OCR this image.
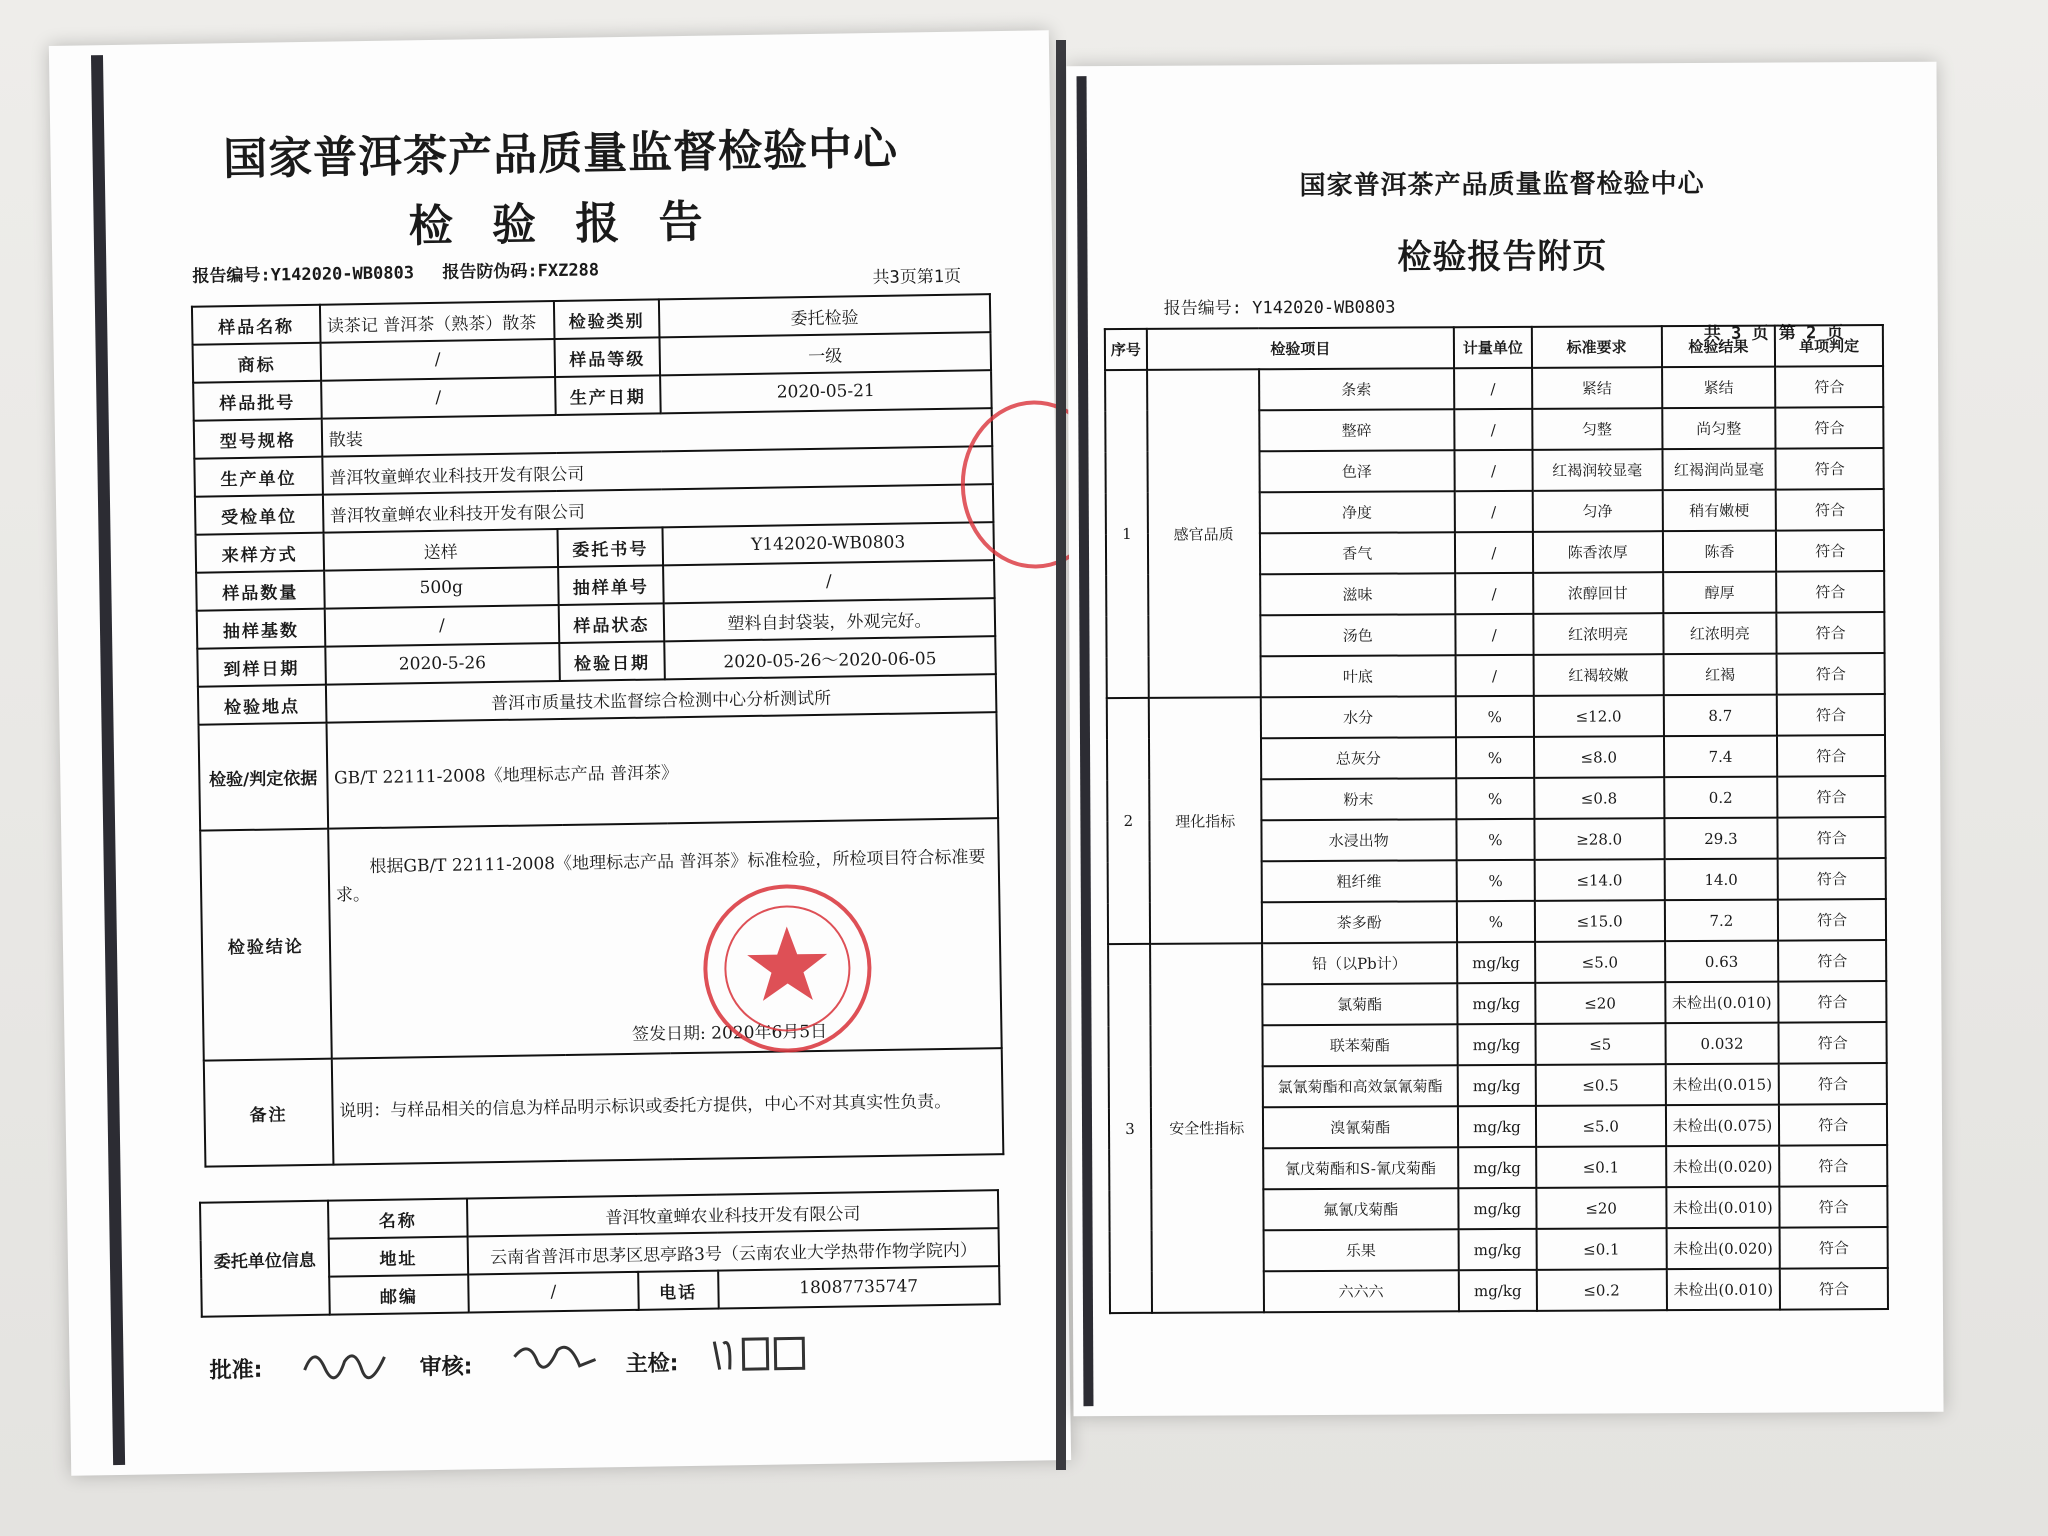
国家普洱茶产品质量监督检验中心
检 验 报 告
报告编号:Y142020-WB0803 报告防伪码:FXZ288	共3页第1页
样品名称	读茶记 普洱茶（熟茶）散茶	检验类别	委托检验
商标	/	样品等级	一级
样品批号	/	生产日期	2020-05-21
型号规格	散装		
生产单位	普洱牧童蝉农业科技开发有限公司		
受检单位	普洱牧童蝉农业科技开发有限公司		
来样方式	送样	委托书号	Y142020-WB0803
样品数量	500g	抽样单号	/
抽样基数	/	样品状态	塑料自封袋装，外观完好。
到样日期	2020-5-26	检验日期	2020-05-26～2020-06-05
检验地点	普洱市质量技术监督综合检测中心分析测试所		
检验/判定依据	GB/T 22111-2008《地理标志产品 普洱茶》		
检验结论	根据GB/T 22111-2008《地理标志产品 普洱茶》标准检验，所检项目符合标准要求。
签发日期: 2020年6月5日		

备注	说明：与样品相关的信息为样品明示标识或委托方提供，中心不对其真实性负责。		
委托单位信息	名称	普洱牧童蝉农业科技开发有限公司		
	地址	云南省普洱市思茅区思亭路3号（云南农业大学热带作物学院内）		
	邮编	/	电话	18087735747
批准:	审核:	主检:
国家普洱茶产品质量监督检验中心
检验报告附页
报告编号: Y142020-WB0803
共 3 页 第 2 页
序号	检验项目		计量单位	标准要求	检验结果	单项判定
1	感官品质	条索	/	紧结	紧结	符合
		整碎	/	匀整	尚匀整	符合
		色泽	/	红褐润较显毫	红褐润尚显毫	符合
		净度	/	匀净	稍有嫩梗	符合
		香气	/	陈香浓厚	陈香	符合
		滋味	/	浓醇回甘	醇厚	符合
		汤色	/	红浓明亮	红浓明亮	符合
		叶底	/	红褐较嫩	红褐	符合
2	理化指标	水分	%	≤12.0	8.7	符合
		总灰分	%	≤8.0	7.4	符合
		粉末	%	≤0.8	0.2	符合
		水浸出物	%	≥28.0	29.3	符合
		粗纤维	%	≤14.0	14.0	符合
		茶多酚	%	≤15.0	7.2	符合
3	安全性指标	铅（以Pb计）	mg/kg	≤5.0	0.63	符合
		氯菊酯	mg/kg	≤20	未检出(0.010)	符合
		联苯菊酯	mg/kg	≤5	0.032	符合
		氯氰菊酯和高效氯氰菊酯	mg/kg	≤0.5	未检出(0.015)	符合
		溴氰菊酯	mg/kg	≤5.0	未检出(0.075)	符合
		氰戊菊酯和S-氰戊菊酯	mg/kg	≤0.1	未检出(0.020)	符合
		氟氰戊菊酯	mg/kg	≤20	未检出(0.010)	符合
		乐果	mg/kg	≤0.1	未检出(0.020)	符合
		六六六	mg/kg	≤0.2	未检出(0.010)	符合
